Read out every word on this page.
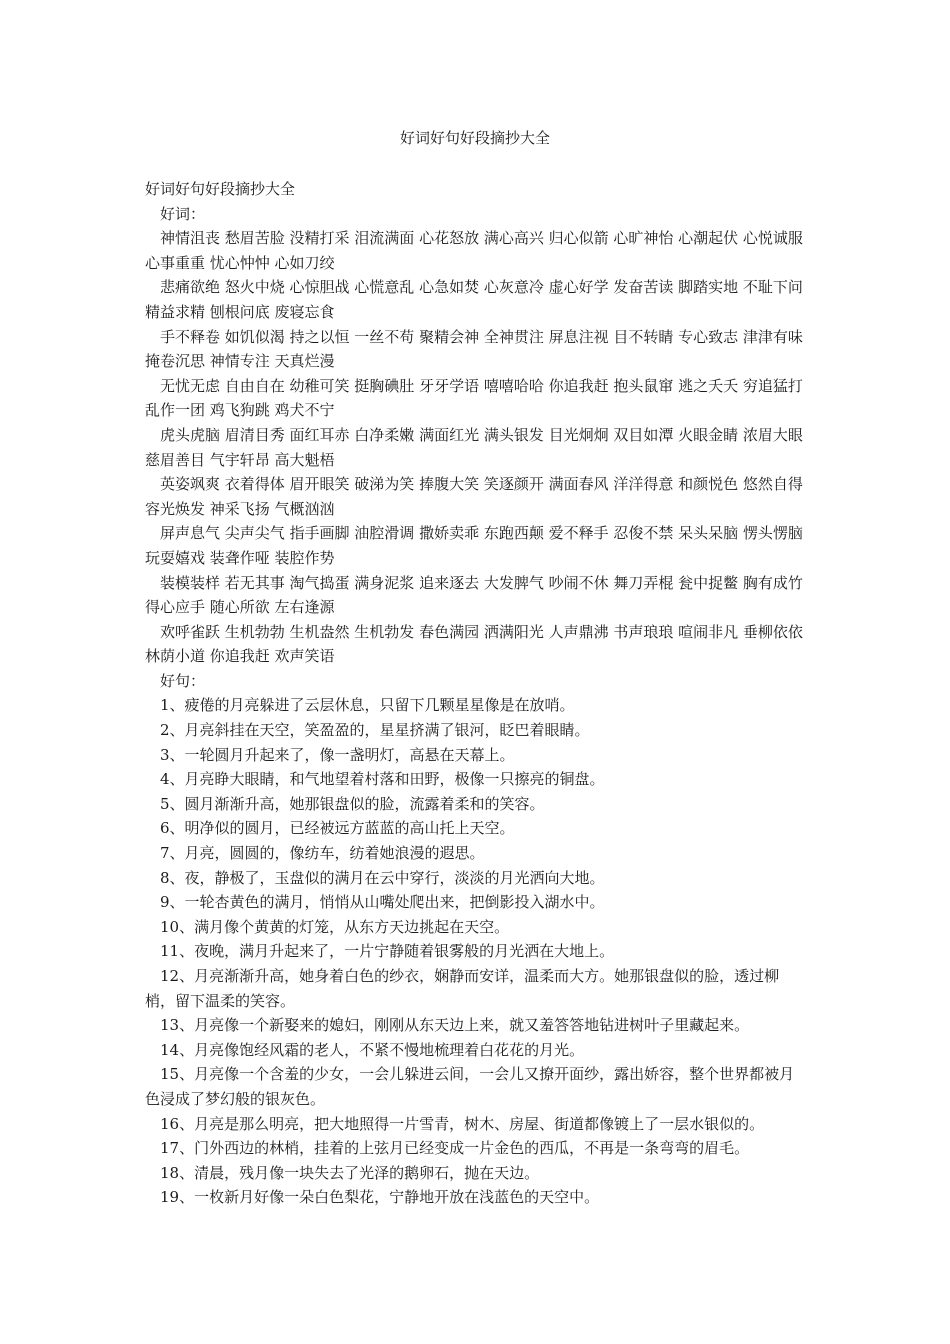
好词好句好段摘抄大全

好词好句好段摘抄大全

好词：

神情沮丧 愁眉苦脸 没精打采 泪流满面 心花怒放 满心高兴 归心似箭 心旷神怡 心潮起伏 心悦诚服 心事重重 忧心忡忡 心如刀绞

悲痛欲绝 怒火中烧 心惊胆战 心慌意乱 心急如焚 心灰意冷 虚心好学 发奋苦读 脚踏实地 不耻下问 精益求精 刨根问底 废寝忘食

手不释卷 如饥似渴 持之以恒 一丝不苟 聚精会神 全神贯注 屏息注视 目不转睛 专心致志 津津有味 掩卷沉思 神情专注 天真烂漫

无忧无虑 自由自在 幼稚可笑 挺胸碘肚 牙牙学语 嘻嘻哈哈 你追我赶 抱头鼠窜 逃之夭夭 穷追猛打 乱作一团 鸡飞狗跳 鸡犬不宁

虎头虎脑 眉清目秀 面红耳赤 白净柔嫩 满面红光 满头银发 目光炯炯 双目如潭 火眼金睛 浓眉大眼 慈眉善目 气宇轩昂 高大魁梧

英姿飒爽 衣着得体 眉开眼笑 破涕为笑 捧腹大笑 笑逐颜开 满面春风 洋洋得意 和颜悦色 悠然自得 容光焕发 神采飞扬 气概汹汹

屏声息气 尖声尖气 指手画脚 油腔滑调 撒娇卖乖 东跑西颠 爱不释手 忍俊不禁 呆头呆脑 愣头愣脑 玩耍嬉戏 装聋作哑 装腔作势

装模装样 若无其事 淘气捣蛋 满身泥浆 追来逐去 大发脾气 吵闹不休 舞刀弄棍 瓮中捉鳖 胸有成竹 得心应手 随心所欲 左右逢源

欢呼雀跃 生机勃勃 生机盎然 生机勃发 春色满园 洒满阳光 人声鼎沸 书声琅琅 喧闹非凡 垂柳依依 林荫小道 你追我赶 欢声笑语

好句：

1、疲倦的月亮躲进了云层休息，只留下几颗星星像是在放哨。

2、月亮斜挂在天空，笑盈盈的，星星挤满了银河，眨巴着眼睛。

3、一轮圆月升起来了，像一盏明灯，高悬在天幕上。

4、月亮睁大眼睛，和气地望着村落和田野，极像一只擦亮的铜盘。

5、圆月渐渐升高，她那银盘似的脸，流露着柔和的笑容。

6、明净似的圆月，已经被远方蓝蓝的高山托上天空。

7、月亮，圆圆的，像纺车，纺着她浪漫的遐思。

8、夜，静极了，玉盘似的满月在云中穿行，淡淡的月光洒向大地。

9、一轮杏黄色的满月，悄悄从山嘴处爬出来，把倒影投入湖水中。

10、满月像个黄黄的灯笼，从东方天边挑起在天空。

11、夜晚，满月升起来了，一片宁静随着银雾般的月光洒在大地上。

12、月亮渐渐升高，她身着白色的纱衣，娴静而安详，温柔而大方。她那银盘似的脸，透过柳梢，留下温柔的笑容。

13、月亮像一个新娶来的媳妇，刚刚从东天边上来，就又羞答答地钻进树叶子里藏起来。

14、月亮像饱经风霜的老人，不紧不慢地梳理着白花花的月光。

15、月亮像一个含羞的少女，一会儿躲进云间，一会儿又撩开面纱，露出娇容，整个世界都被月色浸成了梦幻般的银灰色。

16、月亮是那么明亮，把大地照得一片雪青，树木、房屋、街道都像镀上了一层水银似的。

17、门外西边的林梢，挂着的上弦月已经变成一片金色的西瓜，不再是一条弯弯的眉毛。

18、清晨，残月像一块失去了光泽的鹅卵石，抛在天边。

19、一枚新月好像一朵白色梨花，宁静地开放在浅蓝色的天空中。
